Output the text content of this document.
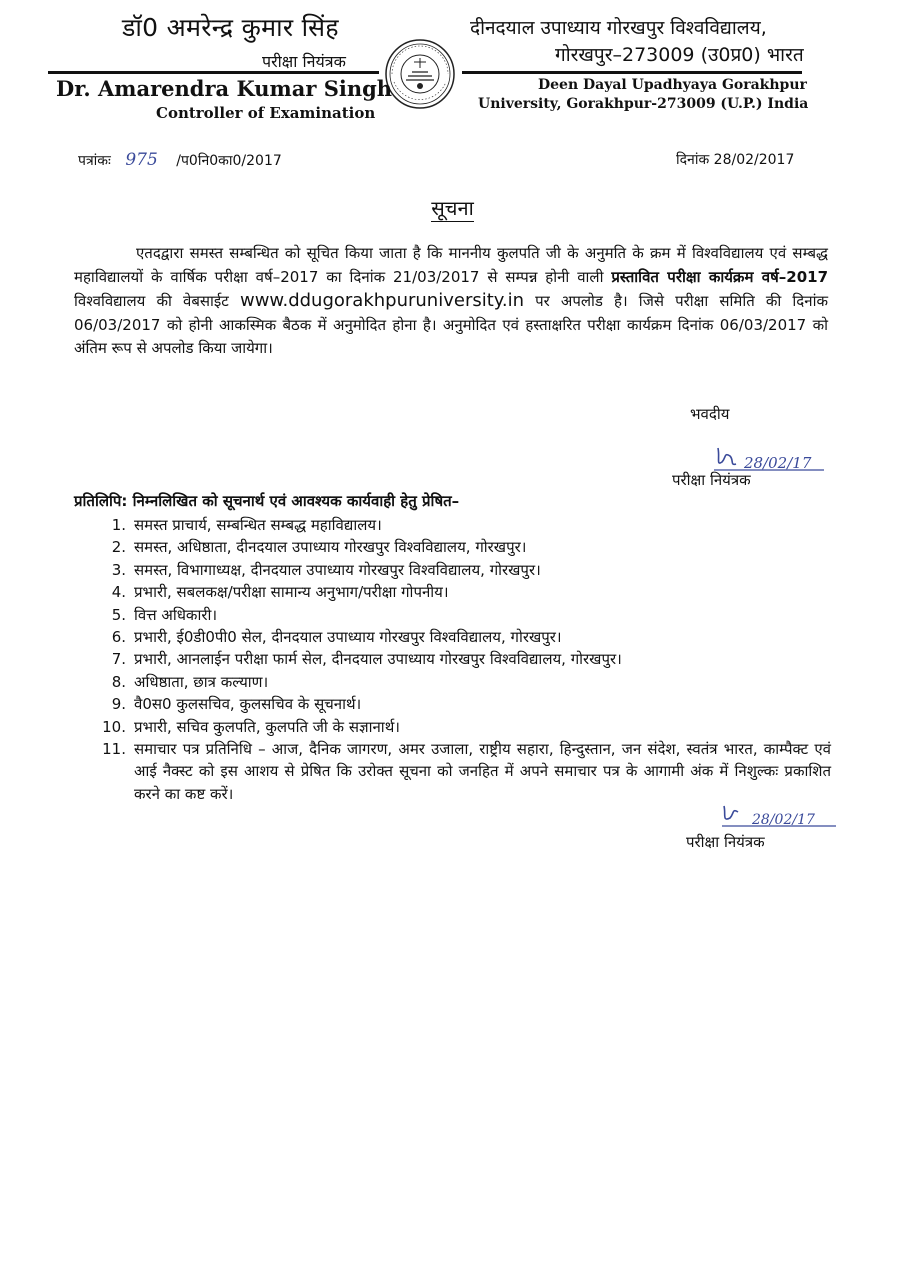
डॉ0 अमरेन्द्र कुमार सिंह
परीक्षा नियंत्रक
दीनदयाल उपाध्याय गोरखपुर विश्वविद्यालय,
गोरखपुर–273009 (उ0प्र0) भारत
Dr. Amarendra Kumar Singh
Controller of Examination
Deen Dayal Upadhyaya Gorakhpur
University, Gorakhpur-273009 (U.P.) India
पत्रांकः 975 /प0नि0का0/2017	दिनांक 28/02/2017
सूचना

एतदद्वारा समस्त सम्बन्धित को सूचित किया जाता है कि माननीय कुलपति जी के अनुमति के क्रम में विश्वविद्यालय एवं सम्बद्ध महाविद्यालयों के वार्षिक परीक्षा वर्ष–2017 का दिनांक 21/03/2017 से सम्पन्न होनी वाली प्रस्तावित परीक्षा कार्यक्रम वर्ष–2017 विश्वविद्यालय की वेबसाईट www.ddugorakhpuruniversity.in पर अपलोड है। जिसे परीक्षा समिति की दिनांक 06/03/2017 को होनी आकस्मिक बैठक में अनुमोदित होना है। अनुमोदित एवं हस्ताक्षरित परीक्षा कार्यक्रम दिनांक 06/03/2017 को अंतिम रूप से अपलोड किया जायेगा।

भवदीय
28/02/17
परीक्षा नियंत्रक
प्रतिलिपि: निम्नलिखित को सूचनार्थ एवं आवश्यक कार्यवाही हेतु प्रेषित–
1. समस्त प्राचार्य, सम्बन्धित सम्बद्ध महाविद्यालय।
2. समस्त, अधिष्ठाता, दीनदयाल उपाध्याय गोरखपुर विश्वविद्यालय, गोरखपुर।
3. समस्त, विभागाध्यक्ष, दीनदयाल उपाध्याय गोरखपुर विश्वविद्यालय, गोरखपुर।
4. प्रभारी, सबलकक्ष/परीक्षा सामान्य अनुभाग/परीक्षा गोपनीय।
5. वित्त अधिकारी।
6. प्रभारी, ई0डी0पी0 सेल, दीनदयाल उपाध्याय गोरखपुर विश्वविद्यालय, गोरखपुर।
7. प्रभारी, आनलाईन परीक्षा फार्म सेल, दीनदयाल उपाध्याय गोरखपुर विश्वविद्यालय, गोरखपुर।
8. अधिष्ठाता, छात्र कल्याण।
9. वै0स0 कुलसचिव, कुलसचिव के सूचनार्थ।
10. प्रभारी, सचिव कुलपति, कुलपति जी के सज्ञानार्थ।
11. समाचार पत्र प्रतिनिधि – आज, दैनिक जागरण, अमर उजाला, राष्ट्रीय सहारा, हिन्दुस्तान, जन संदेश, स्वतंत्र भारत, काम्पैक्ट एवं आई नैक्स्ट को इस आशय से प्रेषित कि उरोक्त सूचना को जनहित में अपने समाचार पत्र के आगामी अंक में निशुल्कः प्रकाशित करने का कष्ट करें।
28/02/17
परीक्षा नियंत्रक
